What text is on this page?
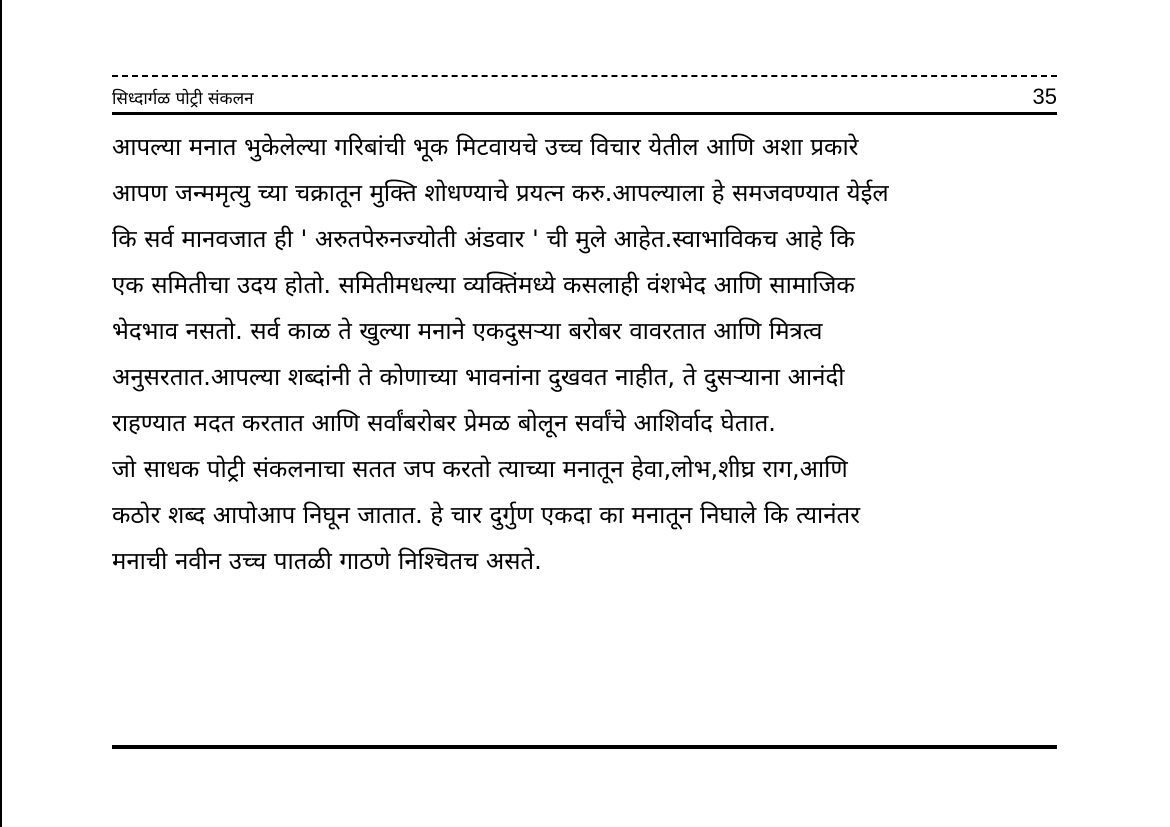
सिध्दार्गळ पोट्री संकलन	35
आपल्या मनात भुकेलेल्या गरिबांची भूक मिटवायचे उच्च विचार येतील आणि अशा प्रकारे
आपण जन्ममृत्यु च्या चक्रातून मुक्ति शोधण्याचे प्रयत्न करु.आपल्याला हे समजवण्यात येईल
कि सर्व मानवजात ही ' अरुतपेरुनज्योती अंडवार ' ची मुले आहेत.स्वाभाविकच आहे कि
एक समितीचा उदय होतो. समितीमधल्या व्यक्तिंमध्ये कसलाही वंशभेद आणि सामाजिक
भेदभाव नसतो. सर्व काळ ते खुल्या मनाने एकदुसऱ्या बरोबर वावरतात आणि मित्रत्व
अनुसरतात.आपल्या शब्दांनी ते कोणाच्या भावनांना दुखवत नाहीत, ते दुसऱ्याना आनंदी
राहण्यात मदत करतात आणि सर्वांबरोबर प्रेमळ बोलून सर्वांचे आशिर्वाद घेतात.
जो साधक पोट्री संकलनाचा सतत जप करतो त्याच्या मनातून हेवा,लोभ,शीघ्र राग,आणि
कठोर शब्द आपोआप निघून जातात. हे चार दुर्गुण एकदा का मनातून निघाले कि त्यानंतर
मनाची नवीन उच्च पातळी गाठणे निश्चितच असते.
